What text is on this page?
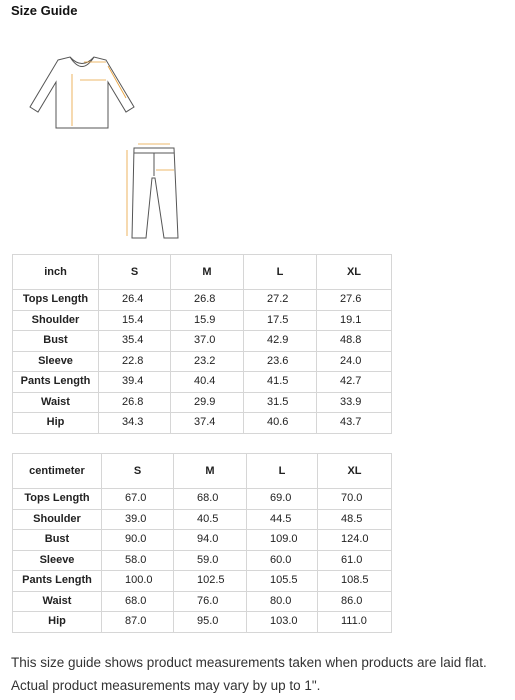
Size Guide
inch	S	M	L	XL
Tops Length	26.4	26.8	27.2	27.6
Shoulder	15.4	15.9	17.5	19.1
Bust	35.4	37.0	42.9	48.8
Sleeve	22.8	23.2	23.6	24.0
Pants Length	39.4	40.4	41.5	42.7
Waist	26.8	29.9	31.5	33.9
Hip	34.3	37.4	40.6	43.7
centimeter	S	M	L	XL
Tops Length	67.0	68.0	69.0	70.0
Shoulder	39.0	40.5	44.5	48.5
Bust	90.0	94.0	109.0	124.0
Sleeve	58.0	59.0	60.0	61.0
Pants Length	100.0	102.5	105.5	108.5
Waist	68.0	76.0	80.0	86.0
Hip	87.0	95.0	103.0	111.0
This size guide shows product measurements taken when products are laid flat. Actual product measurements may vary by up to 1".
